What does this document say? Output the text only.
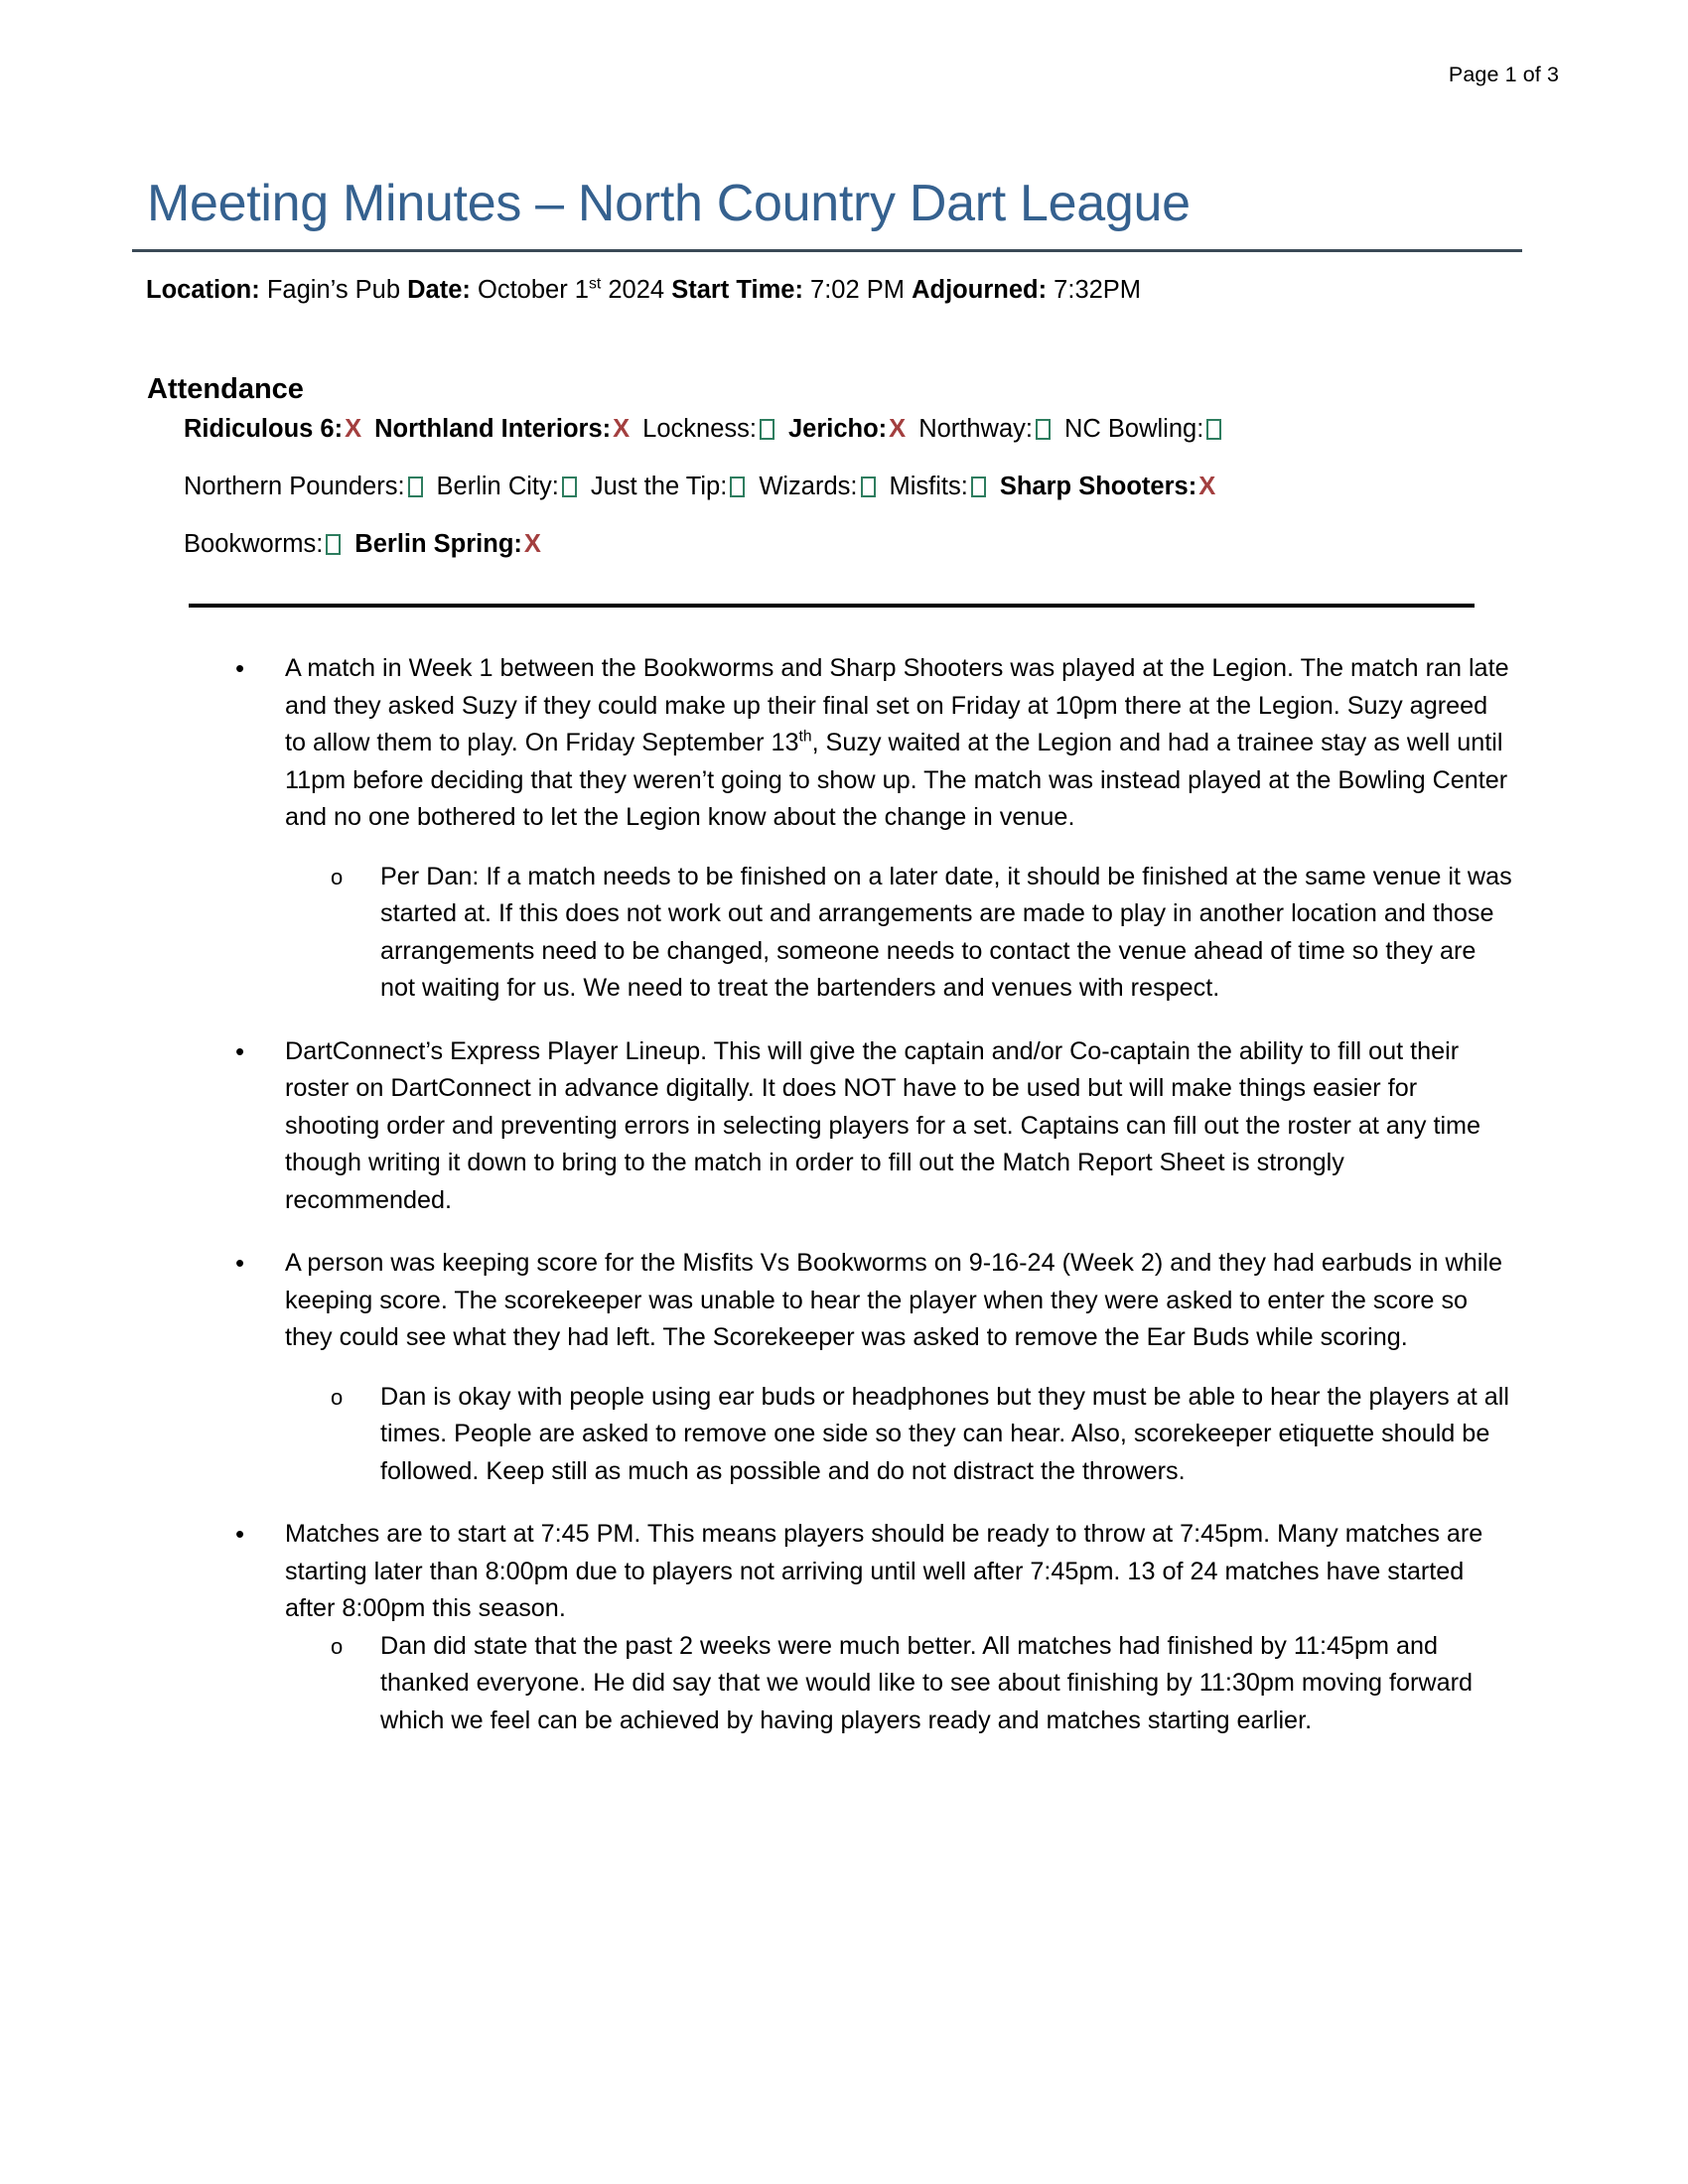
Page 1 of 3
Meeting Minutes – North Country Dart League
Location: Fagin’s Pub Date: October 1st 2024 Start Time: 7:02 PM Adjourned: 7:32PM
Attendance
Ridiculous 6:X Northland Interiors:X Lockness: Jericho:X Northway: NC Bowling:
Northern Pounders: Berlin City: Just the Tip: Wizards: Misfits: Sharp Shooters:X
Bookworms: Berlin Spring:X
• A match in Week 1 between the Bookworms and Sharp Shooters was played at the Legion. The match ran late and they asked Suzy if they could make up their final set on Friday at 10pm there at the Legion. Suzy agreed to allow them to play. On Friday September 13th, Suzy waited at the Legion and had a trainee stay as well until 11pm before deciding that they weren’t going to show up. The match was instead played at the Bowling Center and no one bothered to let the Legion know about the change in venue.
o Per Dan: If a match needs to be finished on a later date, it should be finished at the same venue it was started at. If this does not work out and arrangements are made to play in another location and those arrangements need to be changed, someone needs to contact the venue ahead of time so they are not waiting for us. We need to treat the bartenders and venues with respect.
• DartConnect’s Express Player Lineup. This will give the captain and/or Co-captain the ability to fill out their roster on DartConnect in advance digitally. It does NOT have to be used but will make things easier for shooting order and preventing errors in selecting players for a set. Captains can fill out the roster at any time though writing it down to bring to the match in order to fill out the Match Report Sheet is strongly recommended.
• A person was keeping score for the Misfits Vs Bookworms on 9-16-24 (Week 2) and they had earbuds in while keeping score. The scorekeeper was unable to hear the player when they were asked to enter the score so they could see what they had left. The Scorekeeper was asked to remove the Ear Buds while scoring.
o Dan is okay with people using ear buds or headphones but they must be able to hear the players at all times. People are asked to remove one side so they can hear. Also, scorekeeper etiquette should be followed. Keep still as much as possible and do not distract the throwers.
• Matches are to start at 7:45 PM. This means players should be ready to throw at 7:45pm. Many matches are starting later than 8:00pm due to players not arriving until well after 7:45pm. 13 of 24 matches have started after 8:00pm this season.
o Dan did state that the past 2 weeks were much better. All matches had finished by 11:45pm and thanked everyone. He did say that we would like to see about finishing by 11:30pm moving forward which we feel can be achieved by having players ready and matches starting earlier.
